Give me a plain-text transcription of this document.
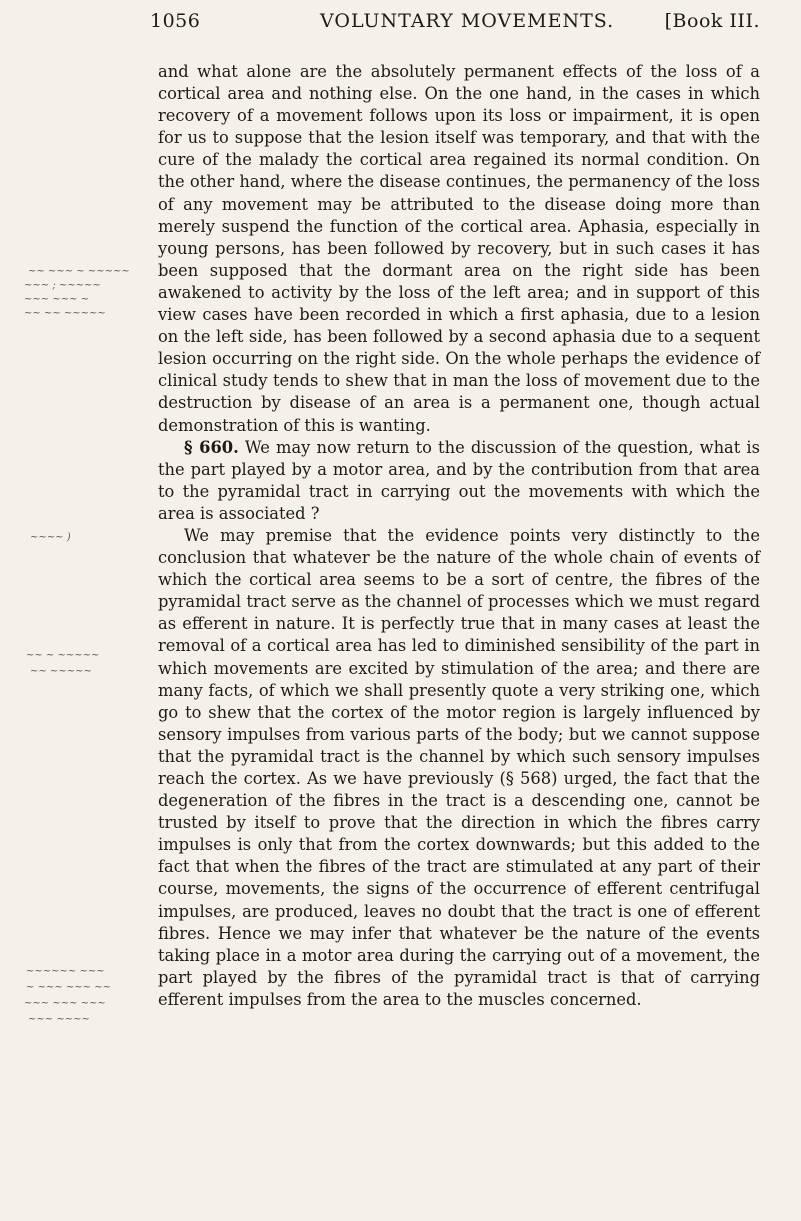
1056	VOLUNTARY MOVEMENTS.	[Book III.

and what alone are the absolutely permanent effects of the loss of a cortical area and nothing else. On the one hand, in the cases in which recovery of a movement follows upon its loss or impairment, it is open for us to suppose that the lesion itself was temporary, and that with the cure of the malady the cortical area regained its normal condition. On the other hand, where the disease continues, the permanency of the loss of any movement may be attributed to the disease doing more than merely suspend the function of the cortical area. Aphasia, especially in young persons, has been followed by recovery, but in such cases it has been supposed that the dormant area on the right side has been awakened to activity by the loss of the left area; and in support of this view cases have been recorded in which a first aphasia, due to a lesion on the left side, has been followed by a second aphasia due to a sequent lesion occurring on the right side. On the whole perhaps the evidence of clinical study tends to shew that in man the loss of movement due to the destruction by disease of an area is a permanent one, though actual demonstration of this is wanting.

§ 660. We may now return to the discussion of the question, what is the part played by a motor area, and by the contribution from that area to the pyramidal tract in carrying out the movements with which the area is associated ?

We may premise that the evidence points very distinctly to the conclusion that whatever be the nature of the whole chain of events of which the cortical area seems to be a sort of centre, the fibres of the pyramidal tract serve as the channel of processes which we must regard as efferent in nature. It is perfectly true that in many cases at least the removal of a cortical area has led to diminished sensibility of the part in which movements are excited by stimulation of the area; and there are many facts, of which we shall presently quote a very striking one, which go to shew that the cortex of the motor region is largely influenced by sensory impulses from various parts of the body; but we cannot suppose that the pyramidal tract is the channel by which such sensory impulses reach the cortex. As we have previously (§ 568) urged, the fact that the degeneration of the fibres in the tract is a descending one, cannot be trusted by itself to prove that the direction in which the fibres carry impulses is only that from the cortex downwards; but this added to the fact that when the fibres of the tract are stimulated at any part of their course, movements, the signs of the occurrence of efferent centrifugal impulses, are produced, leaves no doubt that the tract is one of efferent fibres. Hence we may infer that whatever be the nature of the events taking place in a motor area during the carrying out of a movement, the part played by the fibres of the pyramidal tract is that of carrying efferent impulses from the area to the muscles concerned.

~~ ~~~ ~ ~~~~~
~~~ ; ~~~~~
~~~ ~~~ ~
~~ ~~ ~~~~~
~~~~ )
~~ ~ ~~~~~
~~ ~~~~~
~~~~~~ ~~~
~ ~~~ ~~~ ~~
~~~ ~~~ ~~~
~~~ ~~~~
